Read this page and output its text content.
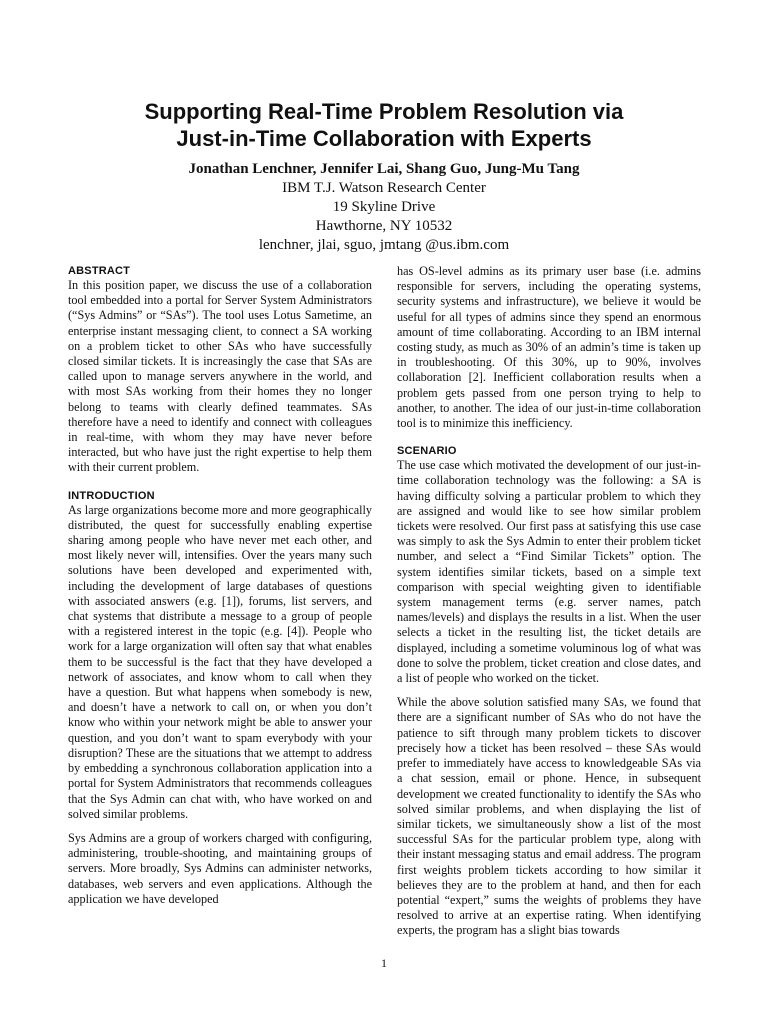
Supporting Real-Time Problem Resolution via
Just-in-Time Collaboration with Experts
Jonathan Lenchner, Jennifer Lai, Shang Guo, Jung-Mu Tang
IBM T.J. Watson Research Center
19 Skyline Drive
Hawthorne, NY 10532
lenchner, jlai, sguo, jmtang @us.ibm.com
ABSTRACT

In this position paper, we discuss the use of a collaboration tool embedded into a portal for Server System Administrators (“Sys Admins” or “SAs”). The tool uses Lotus Sametime, an enterprise instant messaging client, to connect a SA working on a problem ticket to other SAs who have successfully closed similar tickets. It is increasingly the case that SAs are called upon to manage servers anywhere in the world, and with most SAs working from their homes they no longer belong to teams with clearly defined teammates. SAs therefore have a need to identify and connect with colleagues in real-time, with whom they may have never before interacted, but who have just the right expertise to help them with their current problem.

INTRODUCTION

As large organizations become more and more geographically distributed, the quest for successfully enabling expertise sharing among people who have never met each other, and most likely never will, intensifies. Over the years many such solutions have been developed and experimented with, including the development of large databases of questions with associated answers (e.g. [1]), forums, list servers, and chat systems that distribute a message to a group of people with a registered interest in the topic (e.g. [4]). People who work for a large organization will often say that what enables them to be successful is the fact that they have developed a network of associates, and know whom to call when they have a question. But what happens when somebody is new, and doesn’t have a network to call on, or when you don’t know who within your network might be able to answer your question, and you don’t want to spam everybody with your disruption? These are the situations that we attempt to address by embedding a synchronous collaboration application into a portal for System Administrators that recommends colleagues that the Sys Admin can chat with, who have worked on and solved similar problems.

Sys Admins are a group of workers charged with configuring, administering, trouble-shooting, and maintaining groups of servers. More broadly, Sys Admins can administer networks, databases, web servers and even applications. Although the application we have developed

has OS-level admins as its primary user base (i.e. admins responsible for servers, including the operating systems, security systems and infrastructure), we believe it would be useful for all types of admins since they spend an enormous amount of time collaborating. According to an IBM internal costing study, as much as 30% of an admin’s time is taken up in troubleshooting. Of this 30%, up to 90%, involves collaboration [2]. Inefficient collaboration results when a problem gets passed from one person trying to help to another, to another. The idea of our just-in-time collaboration tool is to minimize this inefficiency.

SCENARIO

The use case which motivated the development of our just-in-time collaboration technology was the following: a SA is having difficulty solving a particular problem to which they are assigned and would like to see how similar problem tickets were resolved. Our first pass at satisfying this use case was simply to ask the Sys Admin to enter their problem ticket number, and select a “Find Similar Tickets” option. The system identifies similar tickets, based on a simple text comparison with special weighting given to identifiable system management terms (e.g. server names, patch names/levels) and displays the results in a list. When the user selects a ticket in the resulting list, the ticket details are displayed, including a sometime voluminous log of what was done to solve the problem, ticket creation and close dates, and a list of people who worked on the ticket.

While the above solution satisfied many SAs, we found that there are a significant number of SAs who do not have the patience to sift through many problem tickets to discover precisely how a ticket has been resolved – these SAs would prefer to immediately have access to knowledgeable SAs via a chat session, email or phone. Hence, in subsequent development we created functionality to identify the SAs who solved similar problems, and when displaying the list of similar tickets, we simultaneously show a list of the most successful SAs for the particular problem type, along with their instant messaging status and email address. The program first weights problem tickets according to how similar it believes they are to the problem at hand, and then for each potential “expert,” sums the weights of problems they have resolved to arrive at an expertise rating. When identifying experts, the program has a slight bias towards

1
